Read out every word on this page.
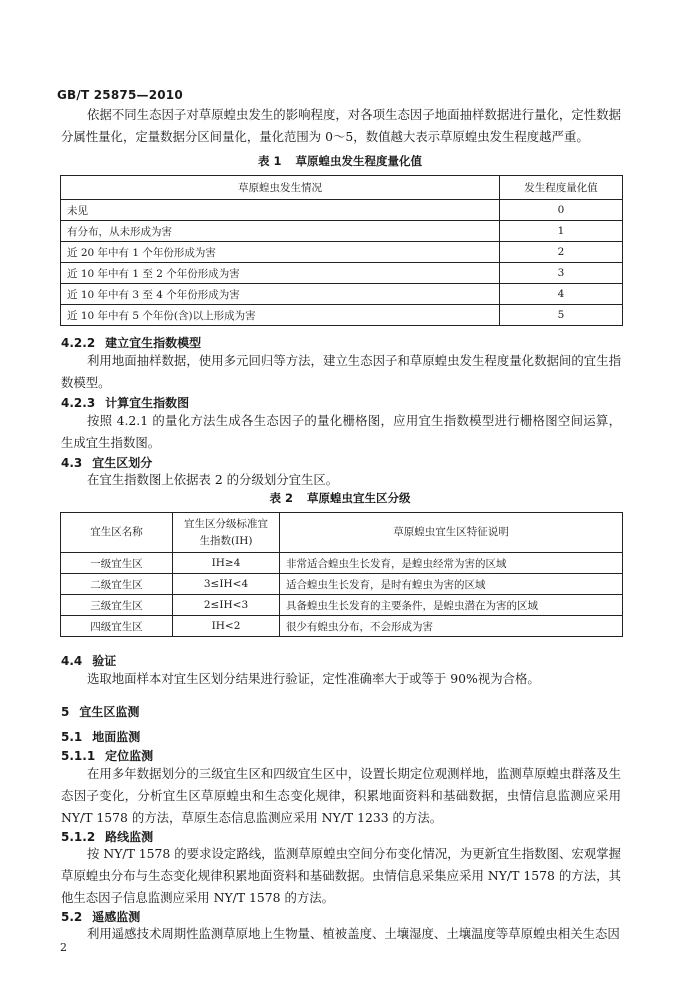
GB/T 25875—2010

依据不同生态因子对草原蝗虫发生的影响程度，对各项生态因子地面抽样数据进行量化，定性数据分属性量化，定量数据分区间量化，量化范围为 0～5，数值越大表示草原蝗虫发生程度越严重。

表 1 草原蝗虫发生程度量化值
草原蝗虫发生情况	发生程度量化值
未见	0
有分布，从未形成为害	1
近 20 年中有 1 个年份形成为害	2
近 10 年中有 1 至 2 个年份形成为害	3
近 10 年中有 3 至 4 个年份形成为害	4
近 10 年中有 5 个年份(含)以上形成为害	5
4.2.2 建立宜生指数模型

利用地面抽样数据，使用多元回归等方法，建立生态因子和草原蝗虫发生程度量化数据间的宜生指数模型。

4.2.3 计算宜生指数图

按照 4.2.1 的量化方法生成各生态因子的量化栅格图，应用宜生指数模型进行栅格图空间运算，生成宜生指数图。

4.3 宜生区划分

在宜生指数图上依据表 2 的分级划分宜生区。

表 2 草原蝗虫宜生区分级
宜生区名称	宜生区分级标准宜生指数(IH)	草原蝗虫宜生区特征说明
一级宜生区	IH≥4	非常适合蝗虫生长发育，是蝗虫经常为害的区域
二级宜生区	3≤IH<4	适合蝗虫生长发育，是时有蝗虫为害的区域
三级宜生区	2≤IH<3	具备蝗虫生长发育的主要条件，是蝗虫潜在为害的区域
四级宜生区	IH<2	很少有蝗虫分布，不会形成为害
4.4 验证

选取地面样本对宜生区划分结果进行验证，定性准确率大于或等于 90%视为合格。

5 宜生区监测
5.1 地面监测
5.1.1 定位监测

在用多年数据划分的三级宜生区和四级宜生区中，设置长期定位观测样地，监测草原蝗虫群落及生态因子变化，分析宜生区草原蝗虫和生态变化规律，积累地面资料和基础数据，虫情信息监测应采用 NY/T 1578 的方法，草原生态信息监测应采用 NY/T 1233 的方法。

5.1.2 路线监测

按 NY/T 1578 的要求设定路线，监测草原蝗虫空间分布变化情况，为更新宜生指数图、宏观掌握草原蝗虫分布与生态变化规律积累地面资料和基础数据。虫情信息采集应采用 NY/T 1578 的方法，其他生态因子信息监测应采用 NY/T 1578 的方法。

5.2 遥感监测

利用遥感技术周期性监测草原地上生物量、植被盖度、土壤湿度、土壤温度等草原蝗虫相关生态因

2
